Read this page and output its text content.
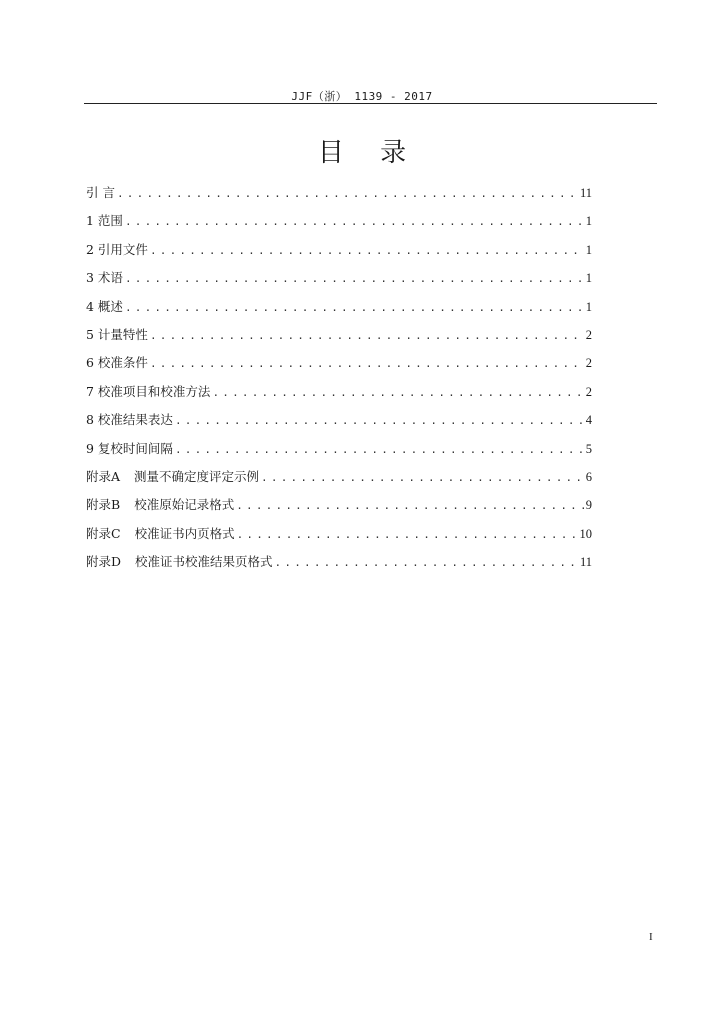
JJF（浙） 1139 - 2017
目 录
引 言 .....	11
1 范围 .....	1
2 引用文件 .....	1
3 术语 .....	1
4 概述 .....	1
5 计量特性 .....	2
6 校准条件 .....	2
7 校准项目和校准方法 .....	2
8 校准结果表达 .....	4
9 复校时间间隔 .....	5
附录A 测量不确定度评定示例 .....	6
附录B 校准原始记录格式 .....	9
附录C 校准证书内页格式 .....	10
附录D 校准证书校准结果页格式 .....	11
I
